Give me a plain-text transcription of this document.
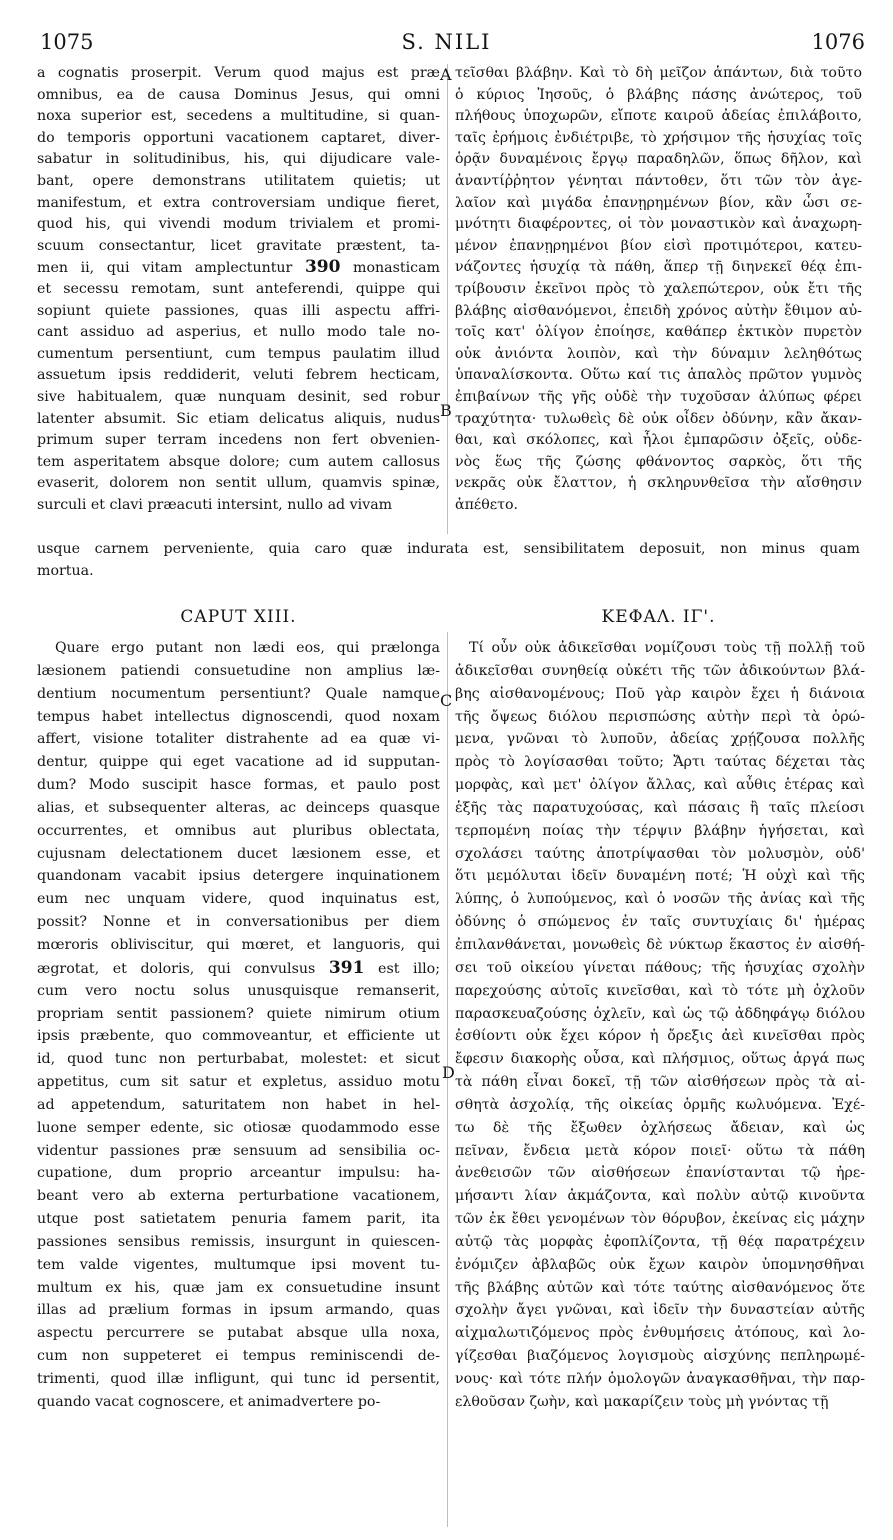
1075	S. NILI	1076
A
B
C
D
a cognatis proserpit. Verum quod majus est præ
omnibus, ea de causa Dominus Jesus, qui omni
noxa superior est, secedens a multitudine, si quan-
do temporis opportuni vacationem captaret, diver-
sabatur in solitudinibus, his, qui dijudicare vale-
bant, opere demonstrans utilitatem quietis; ut
manifestum, et extra controversiam undique fieret,
quod his, qui vivendi modum trivialem et promi-
scuum consectantur, licet gravitate præstent, ta-
men ii, qui vitam amplectuntur 390 monasticam
et secessu remotam, sunt anteferendi, quippe qui
sopiunt quiete passiones, quas illi aspectu affri-
cant assiduo ad asperius, et nullo modo tale no-
cumentum persentiunt, cum tempus paulatim illud
assuetum ipsis reddiderit, veluti febrem hecticam,
sive habitualem, quæ nunquam desinit, sed robur
latenter absumit. Sic etiam delicatus aliquis, nudus
primum super terram incedens non fert obvenien-
tem asperitatem absque dolore; cum autem callosus
evaserit, dolorem non sentit ullum, quamvis spinæ,
surculi et clavi præacuti intersint, nullo ad vivam
τεῖσθαι βλάβην. Καὶ τὸ δὴ μεῖζον ἁπάντων, διὰ τοῦτο
ὁ κύριος Ἰησοῦς, ὁ βλάβης πάσης ἀνώτερος, τοῦ
πλήθους ὑποχωρῶν, εἴποτε καιροῦ ἀδείας ἐπιλάβοιτο,
ταῖς ἐρήμοις ἐνδιέτριβε, τὸ χρήσιμον τῆς ἡσυχίας τοῖς
ὁρᾷν δυναμένοις ἔργῳ παραδηλῶν, ὅπως δῆλον, καὶ
ἀναντίῤῥητον γένηται πάντοθεν, ὅτι τῶν τὸν ἀγε-
λαῖον καὶ μιγάδα ἐπανῃρημένων βίον, κἂν ὦσι σε-
μνότητι διαφέροντες, οἱ τὸν μοναστικὸν καὶ ἀναχωρη-
μένον ἐπανῃρημένοι βίον εἰσὶ προτιμότεροι, κατευ-
νάζοντες ἡσυχίᾳ τὰ πάθη, ἅπερ τῇ διηνεκεῖ θέᾳ ἐπι-
τρίβουσιν ἐκεῖνοι πρὸς τὸ χαλεπώτερον, οὐκ ἔτι τῆς
βλάβης αἰσθανόμενοι, ἐπειδὴ χρόνος αὐτὴν ἔθιμον αὐ-
τοῖς κατ' ὀλίγον ἐποίησε, καθάπερ ἑκτικὸν πυρετὸν
οὐκ ἀνιόντα λοιπὸν, καὶ τὴν δύναμιν λεληθότως
ὑπαναλίσκοντα. Οὕτω καί τις ἁπαλὸς πρῶτον γυμνὸς
ἐπιβαίνων τῆς γῆς οὐδὲ τὴν τυχοῦσαν ἀλύπως φέρει
τραχύτητα· τυλωθεὶς δὲ οὐκ οἶδεν ὀδύνην, κἂν ἄκαν-
θαι, καὶ σκόλοπες, καὶ ἧλοι ἐμπαρῶσιν ὀξεῖς, οὐδε-
νὸς ἕως τῆς ζώσης φθάνοντος σαρκὸς, ὅτι τῆς
νεκρᾶς οὐκ ἔλαττον, ἡ σκληρυνθεῖσα τὴν αἴσθησιν
ἀπέθετο.
usque carnem perveniente, quia caro quæ indurata est, sensibilitatem deposuit, non minus quam
mortua.
CAPUT XIII.	ΚΕΦΑΛ. ΙΓ'.
Quare ergo putant non lædi eos, qui prælonga
læsionem patiendi consuetudine non amplius læ-
dentium nocumentum persentiunt? Quale namque
tempus habet intellectus dignoscendi, quod noxam
affert, visione totaliter distrahente ad ea quæ vi-
dentur, quippe qui eget vacatione ad id supputan-
dum? Modo suscipit hasce formas, et paulo post
alias, et subsequenter alteras, ac deinceps quasque
occurrentes, et omnibus aut pluribus oblectata,
cujusnam delectationem ducet læsionem esse, et
quandonam vacabit ipsius detergere inquinationem
eum nec unquam videre, quod inquinatus est,
possit? Nonne et in conversationibus per diem
mœroris obliviscitur, qui mœret, et languoris, qui
ægrotat, et doloris, qui convulsus 391 est illo;
cum vero noctu solus unusquisque remanserit,
propriam sentit passionem? quiete nimirum otium
ipsis præbente, quo commoveantur, et efficiente ut
id, quod tunc non perturbabat, molestet: et sicut
appetitus, cum sit satur et expletus, assiduo motu
ad appetendum, saturitatem non habet in hel-
luone semper edente, sic otiosæ quodammodo esse
videntur passiones præ sensuum ad sensibilia oc-
cupatione, dum proprio arceantur impulsu: ha-
beant vero ab externa perturbatione vacationem,
utque post satietatem penuria famem parit, ita
passiones sensibus remissis, insurgunt in quiescen-
tem valde vigentes, multumque ipsi movent tu-
multum ex his, quæ jam ex consuetudine insunt
illas ad prælium formas in ipsum armando, quas
aspectu percurrere se putabat absque ulla noxa,
cum non suppeteret ei tempus reminiscendi de-
trimenti, quod illæ infligunt, qui tunc id persentit,
quando vacat cognoscere, et animadvertere po-
Τί οὖν οὐκ ἀδικεῖσθαι νομίζουσι τοὺς τῇ πολλῇ τοῦ
ἀδικεῖσθαι συνηθείᾳ οὐκέτι τῆς τῶν ἀδικούντων βλά-
βης αἰσθανομένους; Ποῦ γὰρ καιρὸν ἔχει ἡ διάνοια
τῆς ὄψεως διόλου περισπώσης αὐτὴν περὶ τὰ ὁρώ-
μενα, γνῶναι τὸ λυποῦν, ἀδείας χρῄζουσα πολλῆς
πρὸς τὸ λογίσασθαι τοῦτο; Ἄρτι ταύτας δέχεται τὰς
μορφὰς, καὶ μετ' ὀλίγον ἄλλας, καὶ αὖθις ἑτέρας καὶ
ἑξῆς τὰς παρατυχούσας, καὶ πάσαις ἢ ταῖς πλείοσι
τερπομένη ποίας τὴν τέρψιν βλάβην ἡγήσεται, καὶ
σχολάσει ταύτης ἀποτρίψασθαι τὸν μολυσμὸν, οὐδ'
ὅτι μεμόλυται ἰδεῖν δυναμένη ποτέ; Ἡ οὐχὶ καὶ τῆς
λύπης, ὁ λυπούμενος, καὶ ὁ νοσῶν τῆς ἀνίας καὶ τῆς
ὀδύνης ὁ σπώμενος ἐν ταῖς συντυχίαις δι' ἡμέρας
ἐπιλανθάνεται, μονωθεὶς δὲ νύκτωρ ἕκαστος ἐν αἰσθή-
σει τοῦ οἰκείου γίνεται πάθους; τῆς ἡσυχίας σχολὴν
παρεχούσης αὐτοῖς κινεῖσθαι, καὶ τὸ τότε μὴ ὀχλοῦν
παρασκευαζούσης ὀχλεῖν, καὶ ὡς τῷ ἀδδηφάγῳ διόλου
ἐσθίοντι οὐκ ἔχει κόρον ἡ ὄρεξις ἀεὶ κινεῖσθαι πρὸς
ἔφεσιν διακορὴς οὖσα, καὶ πλήσμιος, οὕτως ἀργά πως
τὰ πάθη εἶναι δοκεῖ, τῇ τῶν αἰσθήσεων πρὸς τὰ αἰ-
σθητὰ ἀσχολίᾳ, τῆς οἰκείας ὁρμῆς κωλυόμενα. Ἐχέ-
τω δὲ τῆς ἔξωθεν ὀχλήσεως ἄδειαν, καὶ ὡς
πεῖναν, ἔνδεια μετὰ κόρον ποιεῖ· οὕτω τὰ πάθη
ἀνεθεισῶν τῶν αἰσθήσεων ἐπανίστανται τῷ ἠρε-
μήσαντι λίαν ἀκμάζοντα, καὶ πολὺν αὐτῷ κινοῦντα
τῶν ἐκ ἔθει γενομένων τὸν θόρυβον, ἐκείνας εἰς μάχην
αὐτῷ τὰς μορφὰς ἐφοπλίζοντα, τῇ θέᾳ παρατρέχειν
ἐνόμιζεν ἀβλαβῶς οὐκ ἔχων καιρὸν ὑπομνησθῆναι
τῆς βλάβης αὐτῶν καὶ τότε ταύτης αἰσθανόμενος ὅτε
σχολὴν ἄγει γνῶναι, καὶ ἰδεῖν τὴν δυναστείαν αὐτῆς
αἰχμαλωτιζόμενος πρὸς ἐνθυμήσεις ἀτόπους, καὶ λο-
γίζεσθαι βιαζόμενος λογισμοὺς αἰσχύνης πεπληρωμέ-
νους· καὶ τότε πλήν ὁμολογῶν ἀναγκασθῆναι, τὴν παρ-
ελθοῦσαν ζωὴν, καὶ μακαρίζειν τοὺς μὴ γνόντας τῇ
